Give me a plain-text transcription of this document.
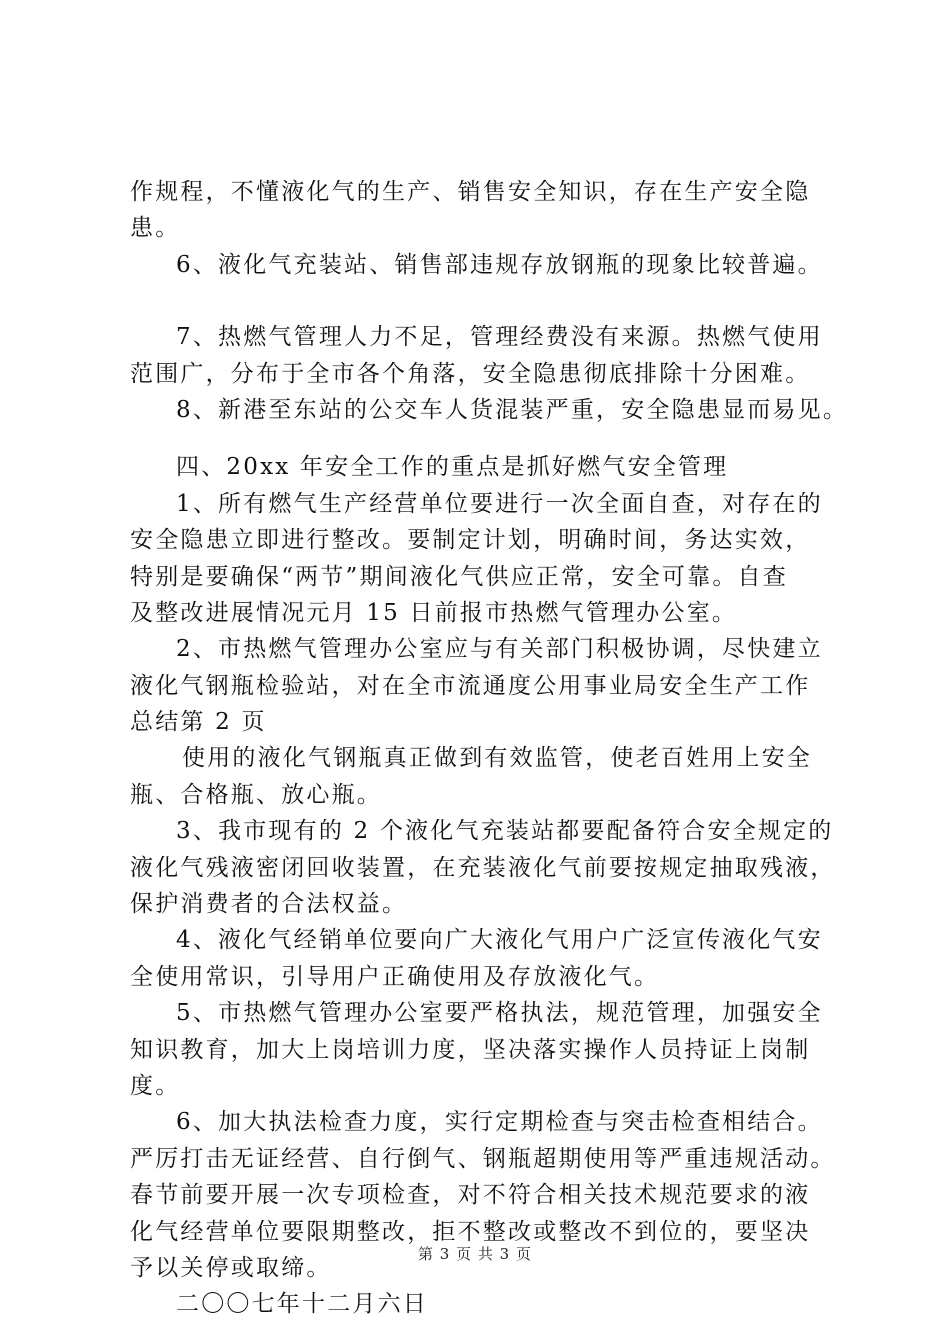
作规程，不懂液化气的生产、销售安全知识，存在生产安全隐
患。
6、液化气充装站、销售部违规存放钢瓶的现象比较普遍。
7、热燃气管理人力不足，管理经费没有来源。热燃气使用
范围广，分布于全市各个角落，安全隐患彻底排除十分困难。
8、新港至东站的公交车人货混装严重，安全隐患显而易见。
四、20xx 年安全工作的重点是抓好燃气安全管理
1、所有燃气生产经营单位要进行一次全面自查，对存在的
安全隐患立即进行整改。要制定计划，明确时间，务达实效，
特别是要确保“两节”期间液化气供应正常，安全可靠。自查
及整改进展情况元月 15 日前报市热燃气管理办公室。
2、市热燃气管理办公室应与有关部门积极协调，尽快建立
液化气钢瓶检验站，对在全市流通度公用事业局安全生产工作
总结第 2 页
使用的液化气钢瓶真正做到有效监管，使老百姓用上安全
瓶、合格瓶、放心瓶。
3、我市现有的 2 个液化气充装站都要配备符合安全规定的
液化气残液密闭回收装置，在充装液化气前要按规定抽取残液，
保护消费者的合法权益。
4、液化气经销单位要向广大液化气用户广泛宣传液化气安
全使用常识，引导用户正确使用及存放液化气。
5、市热燃气管理办公室要严格执法，规范管理，加强安全
知识教育，加大上岗培训力度，坚决落实操作人员持证上岗制
度。
6、加大执法检查力度，实行定期检查与突击检查相结合。
严厉打击无证经营、自行倒气、钢瓶超期使用等严重违规活动。
春节前要开展一次专项检查，对不符合相关技术规范要求的液
化气经营单位要限期整改，拒不整改或整改不到位的，要坚决
予以关停或取缔。
二〇〇七年十二月六日
第 3 页 共 3 页
